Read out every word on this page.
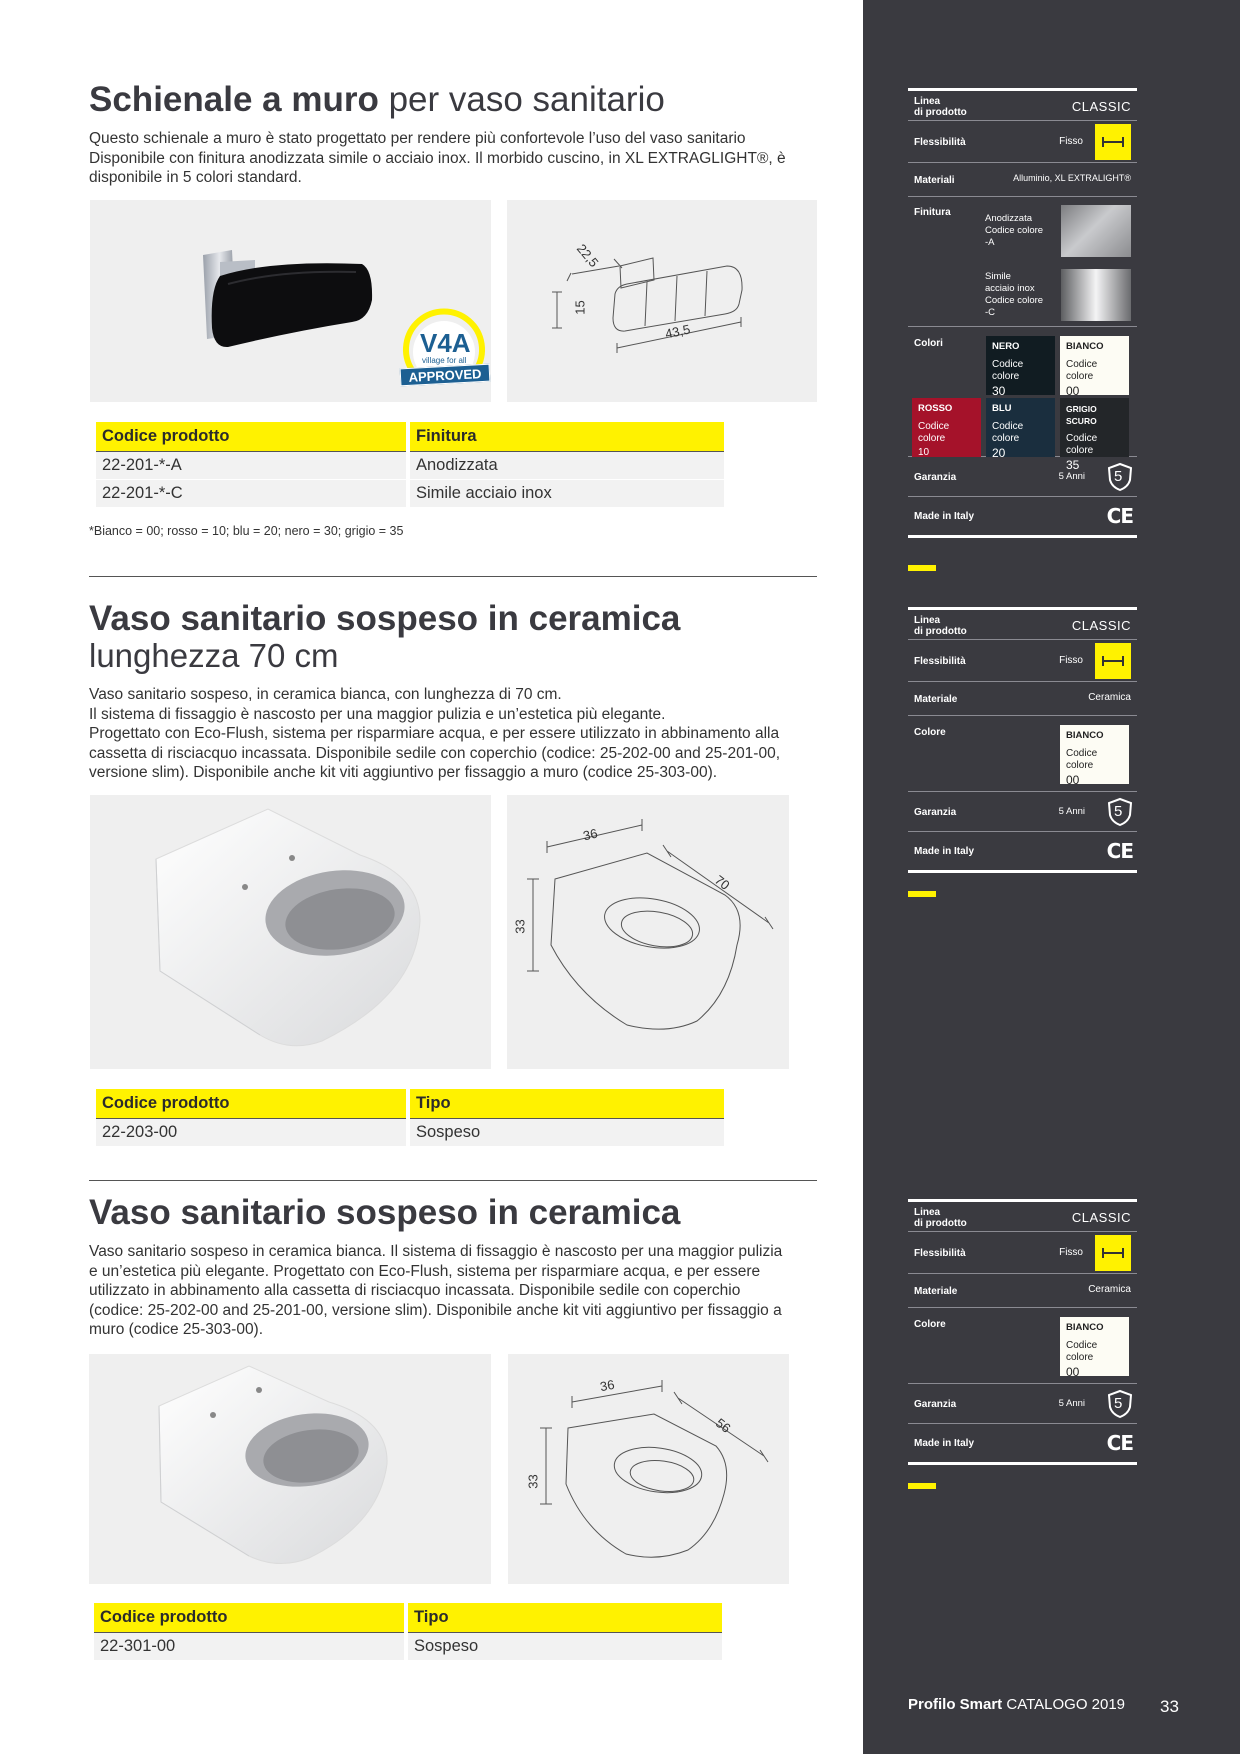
Schienale a muro per vaso sanitario

Questo schienale a muro è stato progettato per rendere più confortevole l’uso del vaso sanitario

Disponibile con finitura anodizzata simile o acciaio inox. Il morbido cuscino, in XL EXTRAGLIGHT®, è

disponibile in 5 colori standard.

V4A
village for all
APPROVED
22,5
15
43,5
Codice prodotto	Finitura
22-201-*-A	Anodizzata
22-201-*-C	Simile acciaio inox
*Bianco = 00; rosso = 10; blu = 20; nero = 30; grigio = 35
Vaso sanitario sospeso in ceramica
lunghezza 70 cm

Vaso sanitario sospeso, in ceramica bianca, con lunghezza di 70 cm.

Il sistema di fissaggio è nascosto per una maggior pulizia e un’estetica più elegante.

Progettato con Eco-Flush, sistema per risparmiare acqua, e per essere utilizzato in abbinamento alla

cassetta di risciacquo incassata. Disponibile sedile con coperchio (codice: 25-202-00 and 25-201-00,

versione slim). Disponibile anche kit viti aggiuntivo per fissaggio a muro (codice 25-303-00).

36
70
33
Codice prodotto	Tipo
22-203-00	Sospeso
Vaso sanitario sospeso in ceramica

Vaso sanitario sospeso in ceramica bianca. Il sistema di fissaggio è nascosto per una maggior pulizia

e un’estetica più elegante. Progettato con Eco-Flush, sistema per risparmiare acqua, e per essere

utilizzato in abbinamento alla cassetta di risciacquo incassata. Disponibile sedile con coperchio

(codice: 25-202-00 and 25-201-00, versione slim). Disponibile anche kit viti aggiuntivo per fissaggio a

muro (codice 25-303-00).

36
56
33
Codice prodotto	Tipo
22-301-00	Sospeso
Linea
di prodotto	CLASSIC
Flessibilità	Fisso
Materiali	Alluminio, XL EXTRALIGHT®
Finitura
Anodizzata
Codice colore
-A
Simile
acciaio inox
Codice colore
-C
Colori	NERO
Codice colore
30
BIANCO
Codice colore
00
ROSSO
Codice colore
10
BLU
Codice colore
20
GRIGIO SCURO
Codice colore
35
Garanzia	5 Anni 5
Made in Italy	CE
Linea
di prodotto	CLASSIC
Flessibilità	Fisso
Materiale	Ceramica
Colore	BIANCO
Codice colore
00
Garanzia	5 Anni 5
Made in Italy	CE
Linea
di prodotto	CLASSIC
Flessibilità	Fisso
Materiale	Ceramica
Colore	BIANCO
Codice colore
00
Garanzia	5 Anni 5
Made in Italy	CE
Profilo Smart CATALOGO 2019 33
